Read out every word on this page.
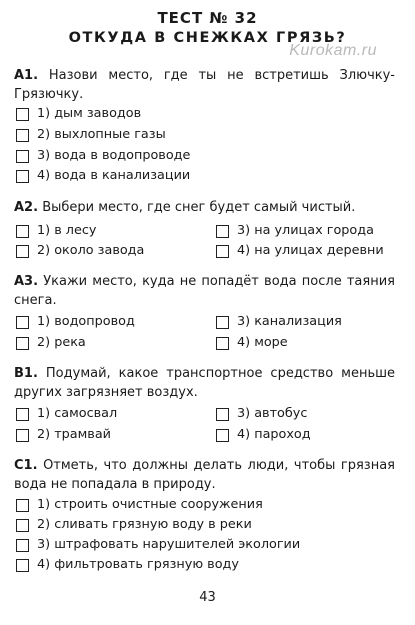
Kurokam.ru
ТЕСТ № 32
ОТКУДА В СНЕЖКАХ ГРЯЗЬ?
А1. Назови место, где ты не встретишь Злючку-Грязючку.
1) дым заводов
2) выхлопные газы
3) вода в водопроводе
4) вода в канализации
А2. Выбери место, где снег будет самый чистый.
1) в лесу
2) около завода
3) на улицах города
4) на улицах деревни
А3. Укажи место, куда не попадёт вода после таяния снега.
1) водопровод
2) река
3) канализация
4) море
В1. Подумай, какое транспортное средство меньше других загрязняет воздух.
1) самосвал
2) трамвай
3) автобус
4) пароход
С1. Отметь, что должны делать люди, чтобы грязная вода не попадала в природу.
1) строить очистные сооружения
2) сливать грязную воду в реки
3) штрафовать нарушителей экологии
4) фильтровать грязную воду
43
